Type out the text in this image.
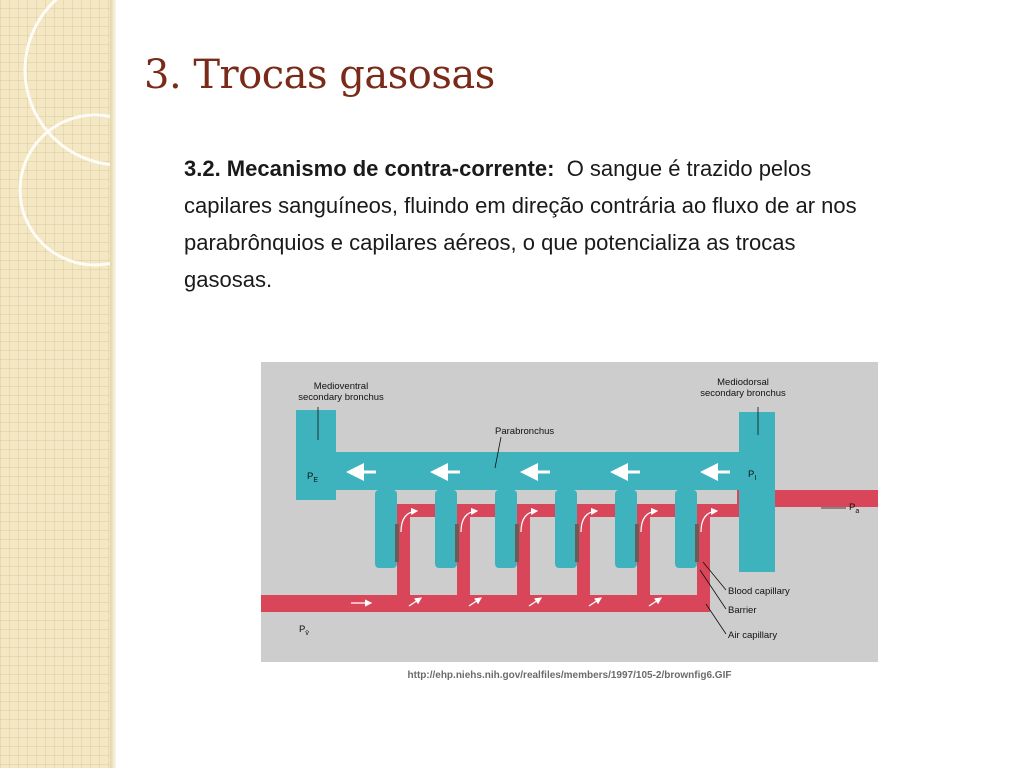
3. Trocas gasosas

3.2. Mecanismo de contra-corrente: O sangue é trazido pelos capilares sanguíneos, fluindo em direção contrária ao fluxo de ar nos parabrônquios e capilares aéreos, o que potencializa as trocas gasosas.

Medioventral
secondary bronchus
Mediodorsal
secondary bronchus
Parabronchus
$P_E$
$P_I$
$P_a$
$P_{v̄}$
Blood capillary
Barrier
Air capillary
http://ehp.niehs.nih.gov/realfiles/members/1997/105-2/brownfig6.GIF
